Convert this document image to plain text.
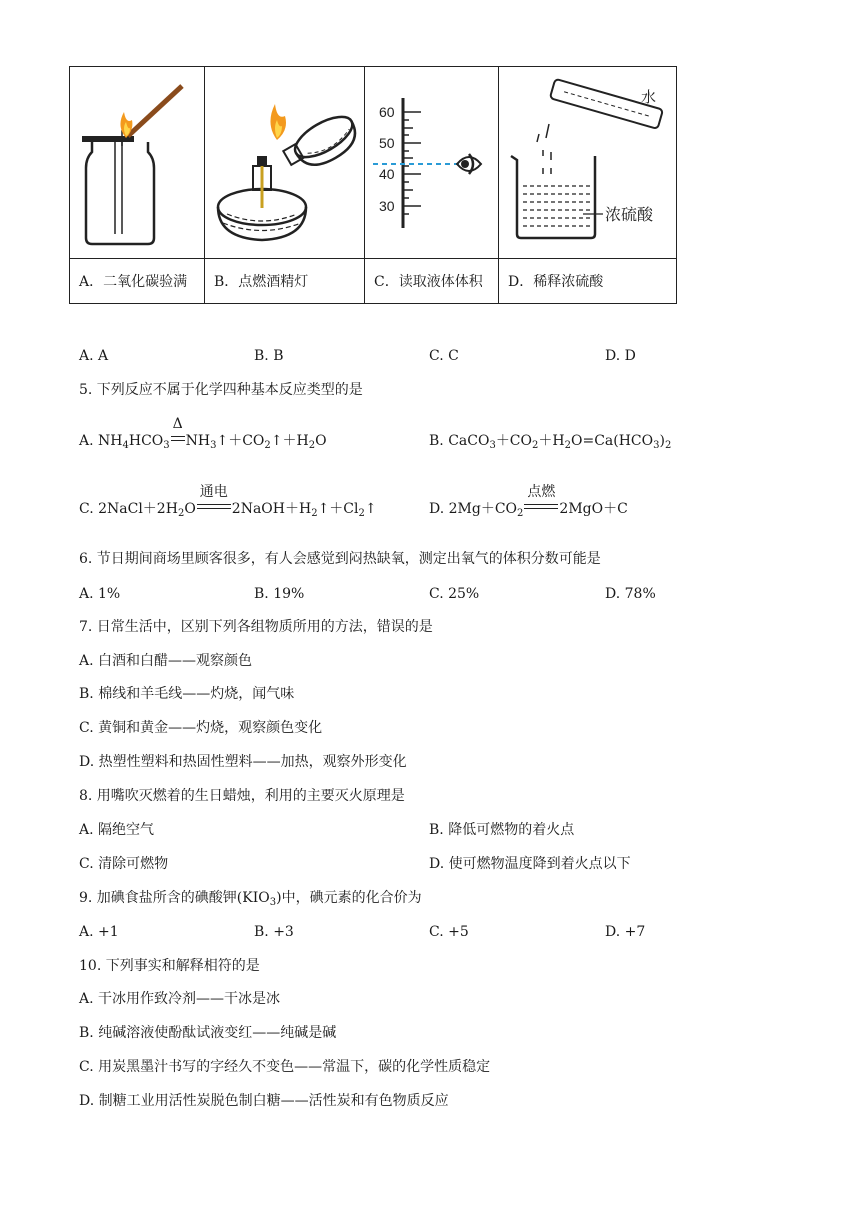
60
50
40
30	浓硫酸
水

A．二氧化碳验满	B．点燃酒精灯	C．读取液体体积	D．稀释浓硫酸
A. A	B. B	C. C	D. D
5. 下列反应不属于化学四种基本反应类型的是
A. $NH_4HCO_3$
Δ
$NH_3↑+CO_2↑+H_2O$	B. $CaCO_3+CO_2+H_2O=Ca(HCO_3)_2$
C. $2NaCl+2H_2O$
通电
$2NaOH+H_2↑+Cl_2↑$	D. $2Mg+CO_2$
点燃
2MgO＋C
6. 节日期间商场里顾客很多，有人会感觉到闷热缺氧，测定出氧气的体积分数可能是
A. 1%	B. 19%	C. 25%	D. 78%
7. 日常生活中，区别下列各组物质所用的方法，错误的是
A. 白酒和白醋——观察颜色
B. 棉线和羊毛线——灼烧，闻气味
C. 黄铜和黄金——灼烧，观察颜色变化
D. 热塑性塑料和热固性塑料——加热，观察外形变化
8. 用嘴吹灭燃着的生日蜡烛，利用的主要灭火原理是
A. 隔绝空气	B. 降低可燃物的着火点
C. 清除可燃物	D. 使可燃物温度降到着火点以下
9. 加碘食盐所含的碘酸钾$(KIO_3)$中，碘元素的化合价为
A. +1	B. +3	C. +5	D. +7
10. 下列事实和解释相符的是
A. 干冰用作致冷剂——干冰是冰
B. 纯碱溶液使酚酞试液变红——纯碱是碱
C. 用炭黑墨汁书写的字经久不变色——常温下，碳的化学性质稳定
D. 制糖工业用活性炭脱色制白糖——活性炭和有色物质反应
